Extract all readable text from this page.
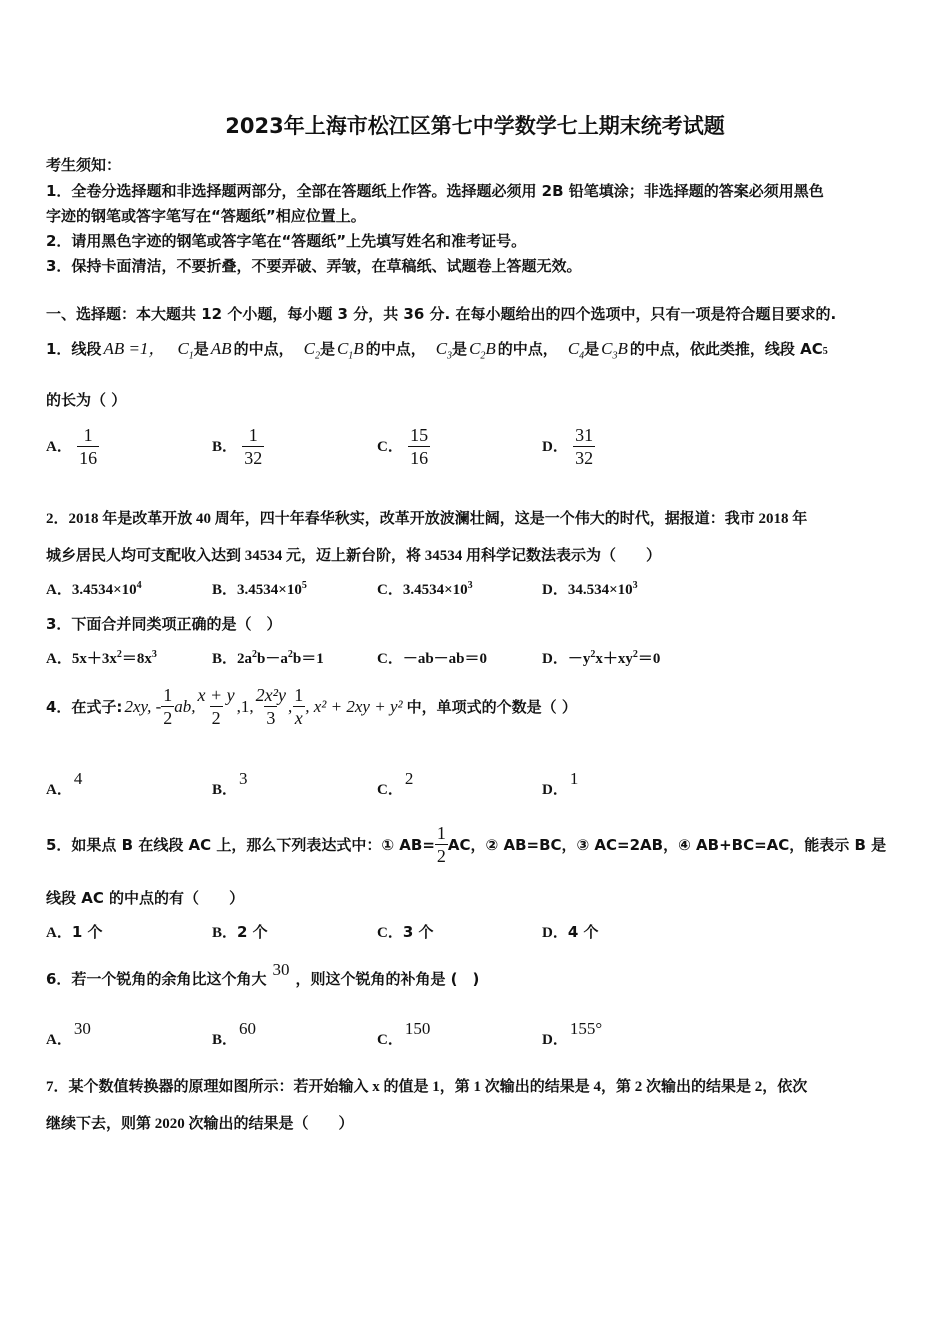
2023年上海市松江区第七中学数学七上期末统考试题
考生须知：
1．全卷分选择题和非选择题两部分，全部在答题纸上作答。选择题必须用 2B 铅笔填涂；非选择题的答案必须用黑色
字迹的钢笔或答字笔写在“答题纸”相应位置上。
2．请用黑色字迹的钢笔或答字笔在“答题纸”上先填写姓名和准考证号。
3．保持卡面清洁，不要折叠，不要弄破、弄皱，在草稿纸、试题卷上答题无效。
一、选择题：本大题共 12 个小题，每小题 3 分，共 36 分. 在每小题给出的四个选项中，只有一项是符合题目要求的.
1．线段 AB =1， $C_1$ 是 AB 的中点， $C_2$ 是 $C_1B$ 的中点， $C_3$ 是 $C_2B$ 的中点， $C_4$ 是 $C_3B$ 的中点，依此类推，线段 AC 5
的长为（ ）
A． $\frac{1}{16}$	B． $\frac{1}{32}$	C． $\frac{15}{16}$	D． $\frac{31}{32}$
2．2018 年是改革开放 40 周年，四十年春华秋实，改革开放波澜壮阔，这是一个伟大的时代，据报道：我市 2018 年
城乡居民人均可支配收入达到 34534 元，迈上新台阶，将 34534 用科学记数法表示为（　　）
A．$3.4534\times 10^4$	B．$3.4534\times 10^5$	C．$3.4534\times 10^3$	D．$34.534\times 10^3$
3．下面合并同类项正确的是（　）
A．$5x+3x^2=8x^3$	B．$2a^2b-a^2b=1$	C．－ab－ab＝0	D．$-y^2x+xy^2=0$
4．在式子: 2xy, - $\frac{1}{2}$ ab, $\frac{x + y}{2} ,1$, $\frac{\text{2x²y}}{3}$ , $\frac{1}{x}$ , x² + 2xy + y² 中，单项式的个数是（ ）
A．4
B．3
C．2
D．1
5．如果点 B 在线段 AC 上，那么下列表达式中：① $AB= \frac{1}{2}$ AC，② AB=BC，③ AC=2AB，④ AB+BC=AC，能表示 B 是
线段 AC 的中点的有（　　）
A．1 个	B．2 个	C．3 个	D．4 个
6．若一个锐角的余角比这个角大 30 ，则这个锐角的补角是 (　)
A．30
B．60
C．150
D．155°
7．某个数值转换器的原理如图所示：若开始输入 x 的值是 1，第 1 次输出的结果是 4，第 2 次输出的结果是 2，依次
继续下去，则第 2020 次输出的结果是（　　）
